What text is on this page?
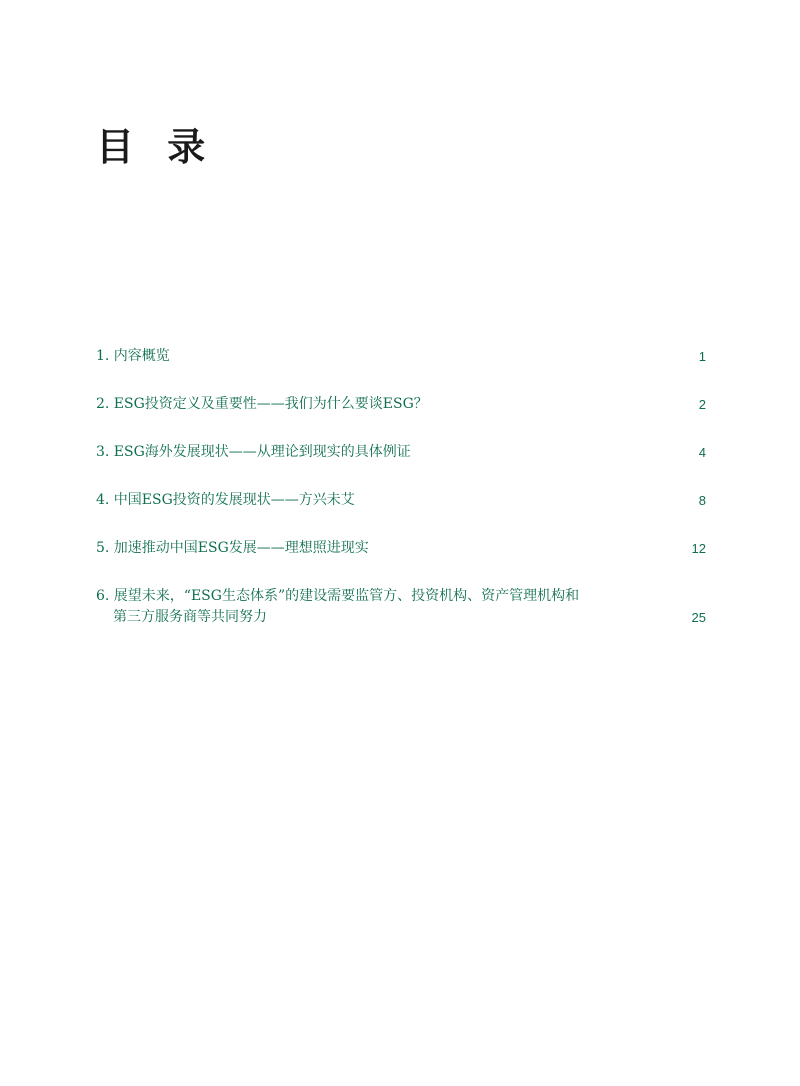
目 录
1. 内容概览	1
2. ESG投资定义及重要性——我们为什么要谈ESG？	2
3. ESG海外发展现状——从理论到现实的具体例证	4
4. 中国ESG投资的发展现状——方兴未艾	8
5. 加速推动中国ESG发展——理想照进现实	12
6. 展望未来，“ESG生态体系”的建设需要监管方、投资机构、资产管理机构和
第三方服务商等共同努力	25
